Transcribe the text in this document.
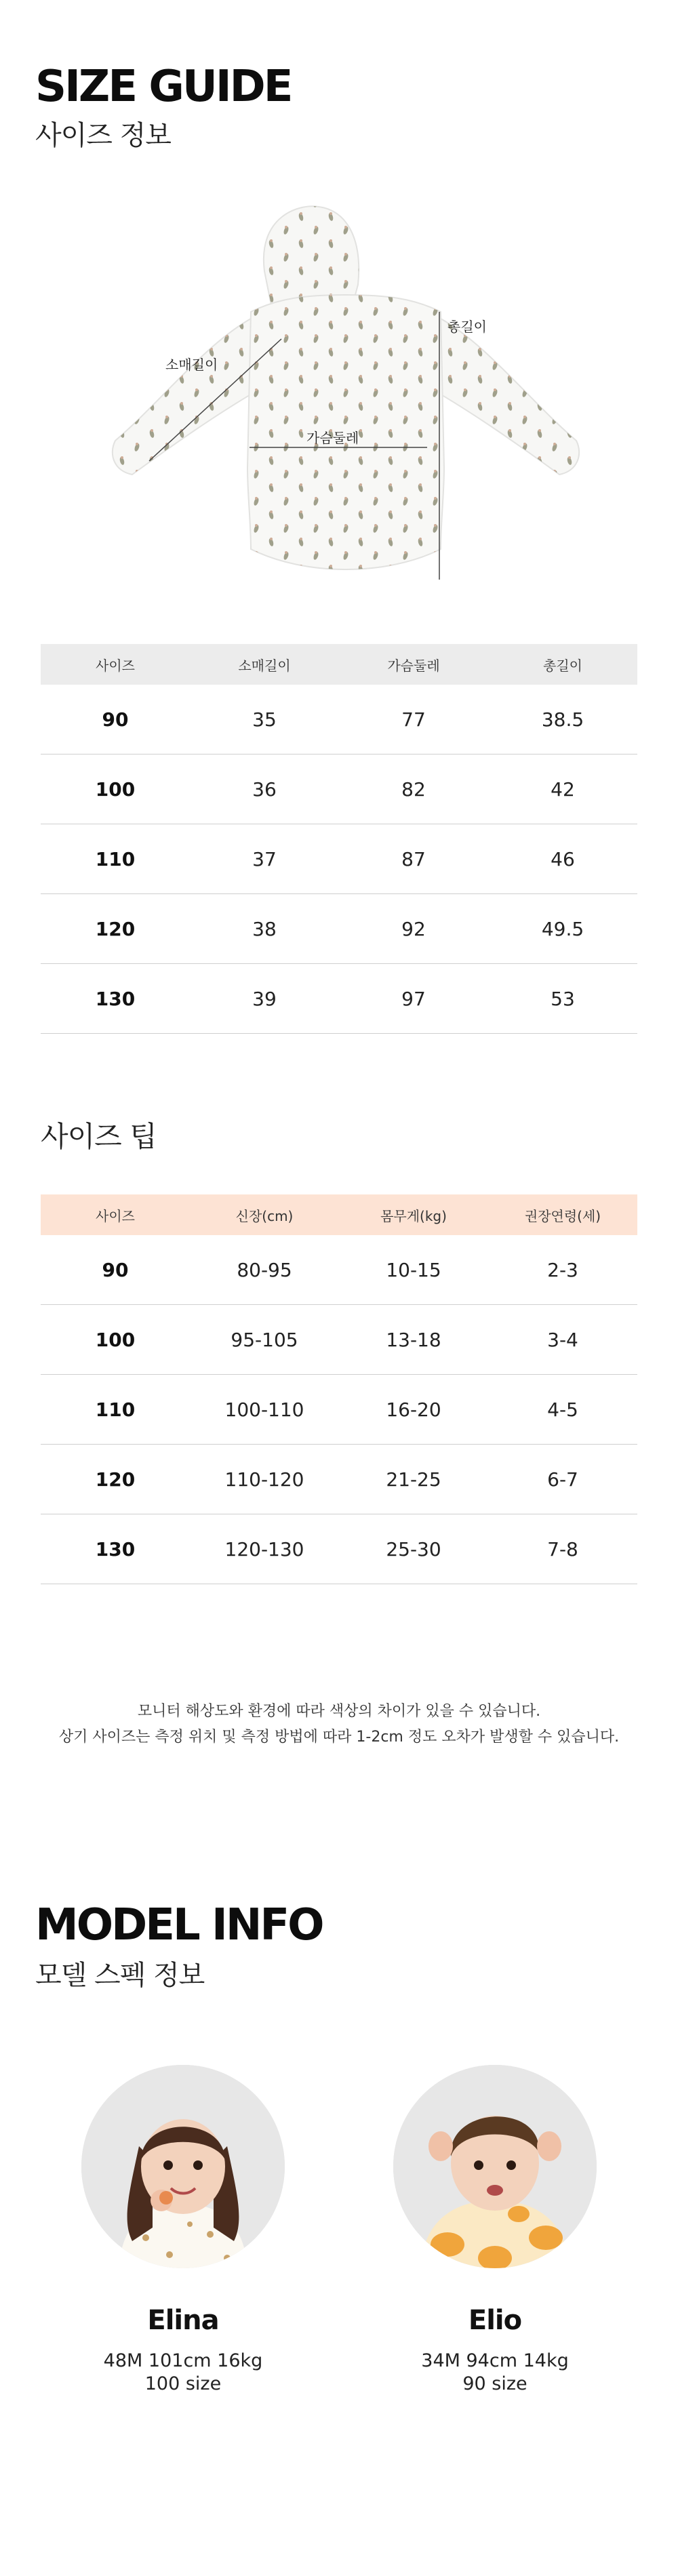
SIZE GUIDE
사이즈 정보
소매길이
가슴둘레
총길이
사이즈	소매길이	가슴둘레	총길이
90	35	77	38.5
100	36	82	42
110	37	87	46
120	38	92	49.5
130	39	97	53
사이즈 팁
사이즈	신장(cm)	몸무게(kg)	권장연령(세)
90	80-95	10-15	2-3
100	95-105	13-18	3-4
110	100-110	16-20	4-5
120	110-120	21-25	6-7
130	120-130	25-30	7-8
모니터 해상도와 환경에 따라 색상의 차이가 있을 수 있습니다.
상기 사이즈는 측정 위치 및 측정 방법에 따라 1-2cm 정도 오차가 발생할 수 있습니다.
MODEL INFO
모델 스펙 정보
Elina
48M 101cm 16kg
100 size
Elio
34M 94cm 14kg
90 size
